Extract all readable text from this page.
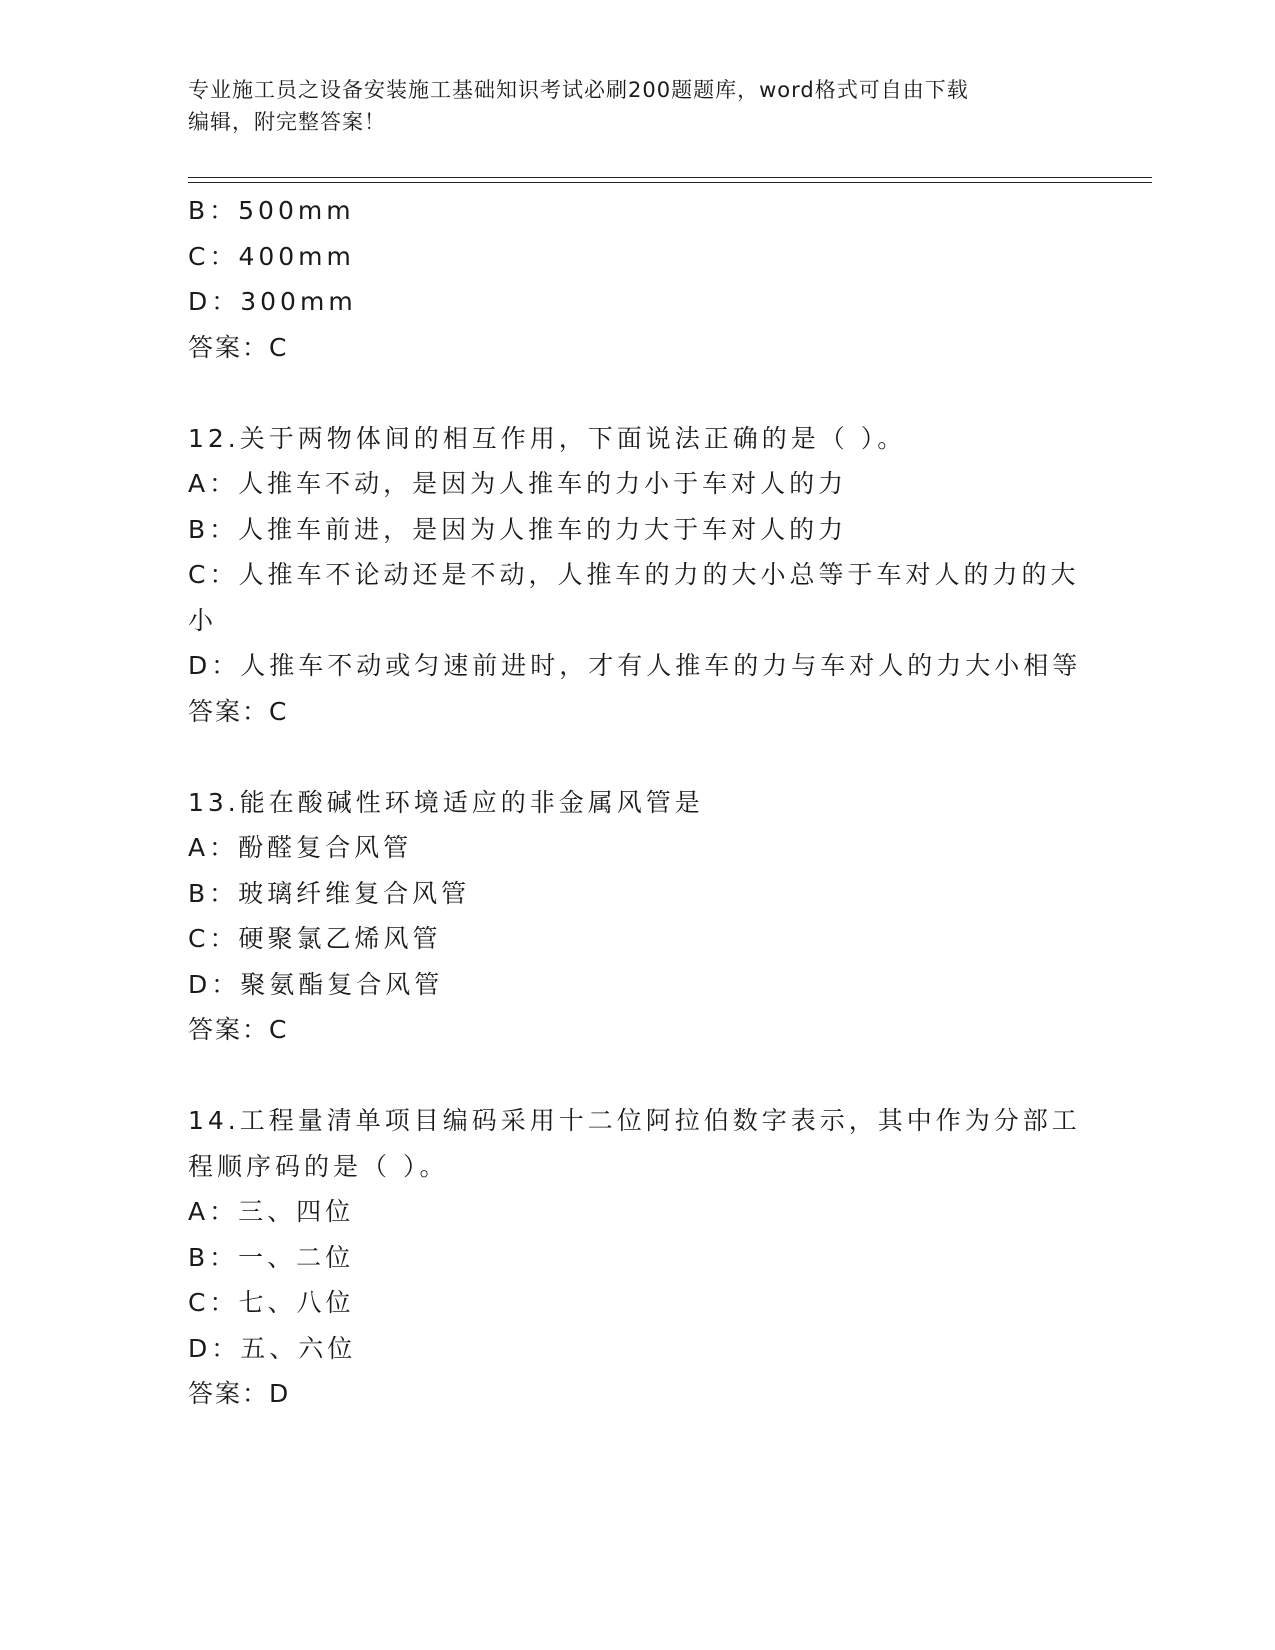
专业施工员之设备安装施工基础知识考试必刷200题题库，word格式可自由下载
编辑，附完整答案！
B：500mm
C：400mm
D：300mm
答案：C
12.关于两物体间的相互作用，下面说法正确的是（ ）。
A：人推车不动，是因为人推车的力小于车对人的力
B：人推车前进，是因为人推车的力大于车对人的力
C：人推车不论动还是不动，人推车的力的大小总等于车对人的力的大
小
D：人推车不动或匀速前进时，才有人推车的力与车对人的力大小相等
答案：C
13.能在酸碱性环境适应的非金属风管是
A：酚醛复合风管
B：玻璃纤维复合风管
C：硬聚氯乙烯风管
D：聚氨酯复合风管
答案：C
14.工程量清单项目编码采用十二位阿拉伯数字表示，其中作为分部工
程顺序码的是（ ）。
A：三、四位
B：一、二位
C：七、八位
D：五、六位
答案：D
